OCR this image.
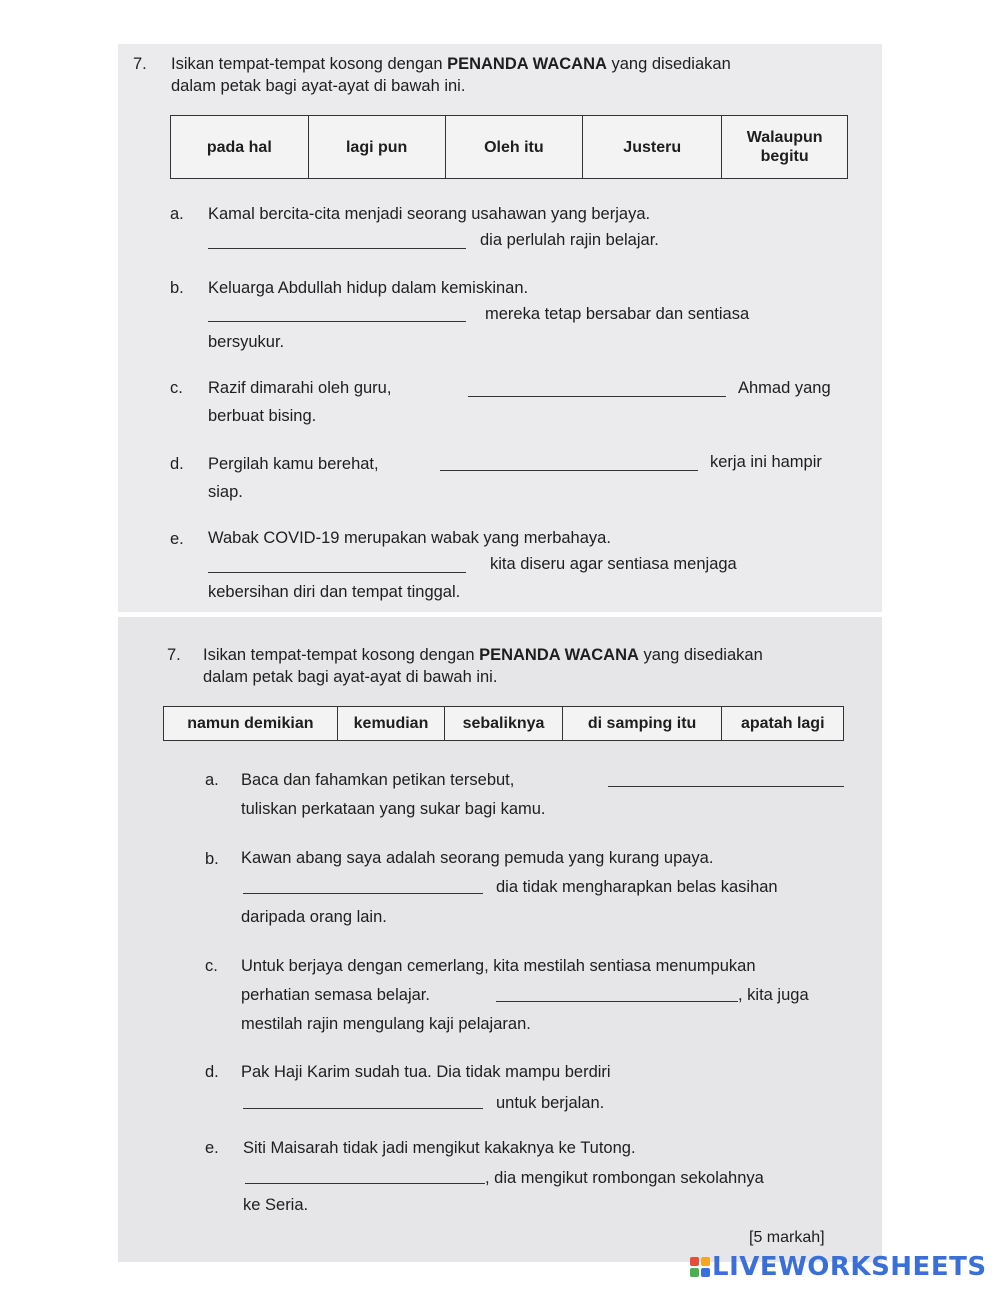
7. Isikan tempat-tempat kosong dengan PENANDA WACANA yang disediakan
dalam petak bagi ayat-ayat di bawah ini.
pada hal	lagi pun	Oleh itu	Justeru	Walaupun begitu
a. Kamal bercita-cita menjadi seorang usahawan yang berjaya.
dia perlulah rajin belajar.
b. Keluarga Abdullah hidup dalam kemiskinan.
mereka tetap bersabar dan sentiasa
bersyukur.
c. Razif dimarahi oleh guru,	Ahmad yang
berbuat bising.
d. Pergilah kamu berehat,	kerja ini hampir
siap.
e. Wabak COVID-19 merupakan wabak yang merbahaya.
kita diseru agar sentiasa menjaga
kebersihan diri dan tempat tinggal.
7. Isikan tempat-tempat kosong dengan PENANDA WACANA yang disediakan
dalam petak bagi ayat-ayat di bawah ini.
namun demikian	kemudian	sebaliknya	di samping itu	apatah lagi
a. Baca dan fahamkan petikan tersebut,
tuliskan perkataan yang sukar bagi kamu.
b. Kawan abang saya adalah seorang pemuda yang kurang upaya.
dia tidak mengharapkan belas kasihan
daripada orang lain.
c. Untuk berjaya dengan cemerlang, kita mestilah sentiasa menumpukan
perhatian semasa belajar.	, kita juga
mestilah rajin mengulang kaji pelajaran.
d. Pak Haji Karim sudah tua. Dia tidak mampu berdiri
untuk berjalan.
e. Siti Maisarah tidak jadi mengikut kakaknya ke Tutong.
, dia mengikut rombongan sekolahnya
ke Seria.
[5 markah]
LIVEWORKSHEETS
